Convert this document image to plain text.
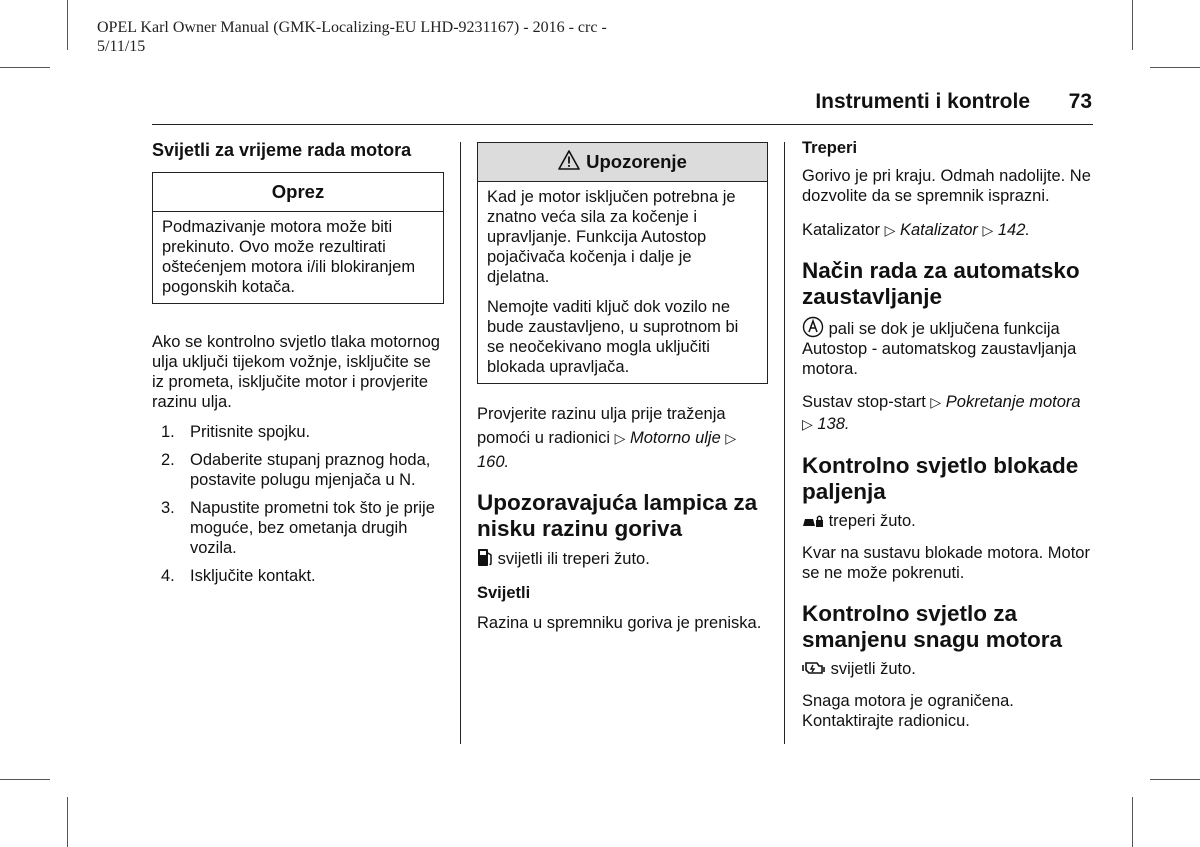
OPEL Karl Owner Manual (GMK-Localizing-EU LHD-9231167) - 2016 - crc -
5/11/15
Instrumenti i kontrole 73
Svijetli za vrijeme rada motora
Oprez

Podmazivanje motora može biti prekinuto. Ovo može rezultirati oštećenjem motora i/ili blokiranjem pogonskih kotača.

Ako se kontrolno svjetlo tlaka motornog ulja uključi tijekom vožnje, isključite se iz prometa, isključite motor i provjerite razinu ulja.

1. Pritisnite spojku.
2. Odaberite stupanj praznog hoda, postavite polugu mjenjača u N.
3. Napustite prometni tok što je prije moguće, bez ometanja drugih vozila.
4. Isključite kontakt.
Upozorenje

Kad je motor isključen potrebna je znatno veća sila za kočenje i upravljanje. Funkcija Autostop pojačivača kočenja i dalje je djelatna.

Nemojte vaditi ključ dok vozilo ne bude zaustavljeno, u suprotnom bi se neočekivano mogla uključiti blokada upravljača.

Provjerite razinu ulja prije traženja pomoći u radionici ▷ Motorno ulje ▷ 160.

Upozoravajuća lampica za nisku razinu goriva

svijetli ili treperi žuto.

Svijetli

Razina u spremniku goriva je preniska.

Treperi

Gorivo je pri kraju. Odmah nadolijte. Ne dozvolite da se spremnik isprazni.

Katalizator ▷ Katalizator ▷ 142.

Način rada za automatsko zaustavljanje

pali se dok je uključena funkcija Autostop - automatskog zaustavljanja motora.

Sustav stop-start ▷ Pokretanje motora ▷ 138.

Kontrolno svjetlo blokade paljenja

treperi žuto.

Kvar na sustavu blokade motora. Motor se ne može pokrenuti.

Kontrolno svjetlo za smanjenu snagu motora

svijetli žuto.

Snaga motora je ograničena. Kontaktirajte radionicu.
